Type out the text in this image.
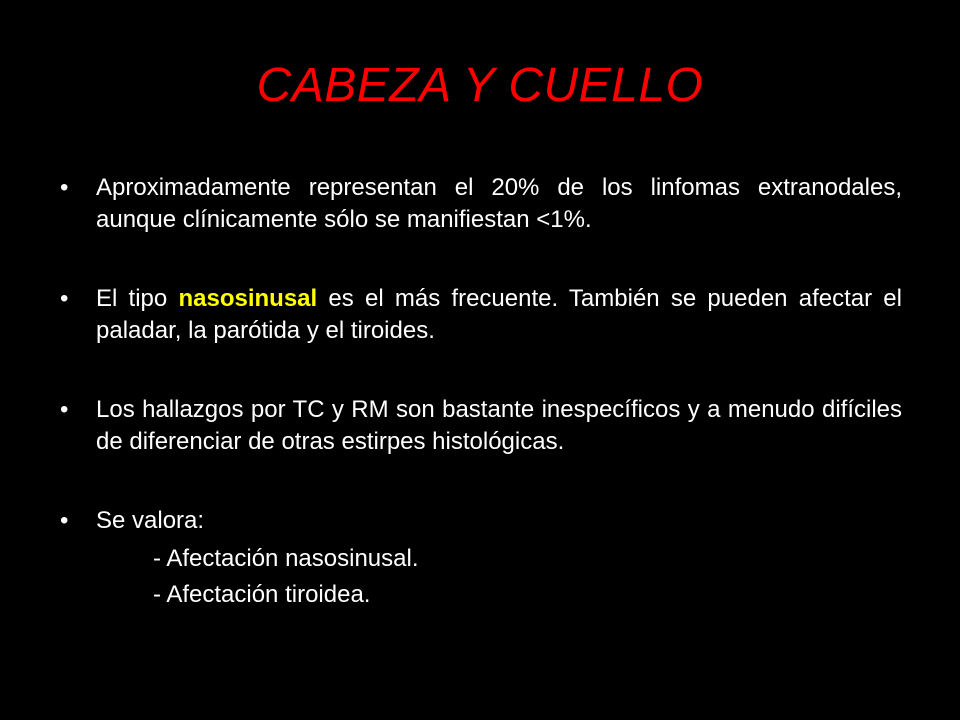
CABEZA Y CUELLO
•	Aproximadamente representan el 20% de los linfomas extranodales, aunque clínicamente sólo se manifiestan <1%.
•	El tipo nasosinusal es el más frecuente. También se pueden afectar el paladar, la parótida y el tiroides.
•	Los hallazgos por TC y RM son bastante inespecíficos y a menudo difíciles de diferenciar de otras estirpes histológicas.
•	Se valora:
- Afectación nasosinusal.
- Afectación tiroidea.
